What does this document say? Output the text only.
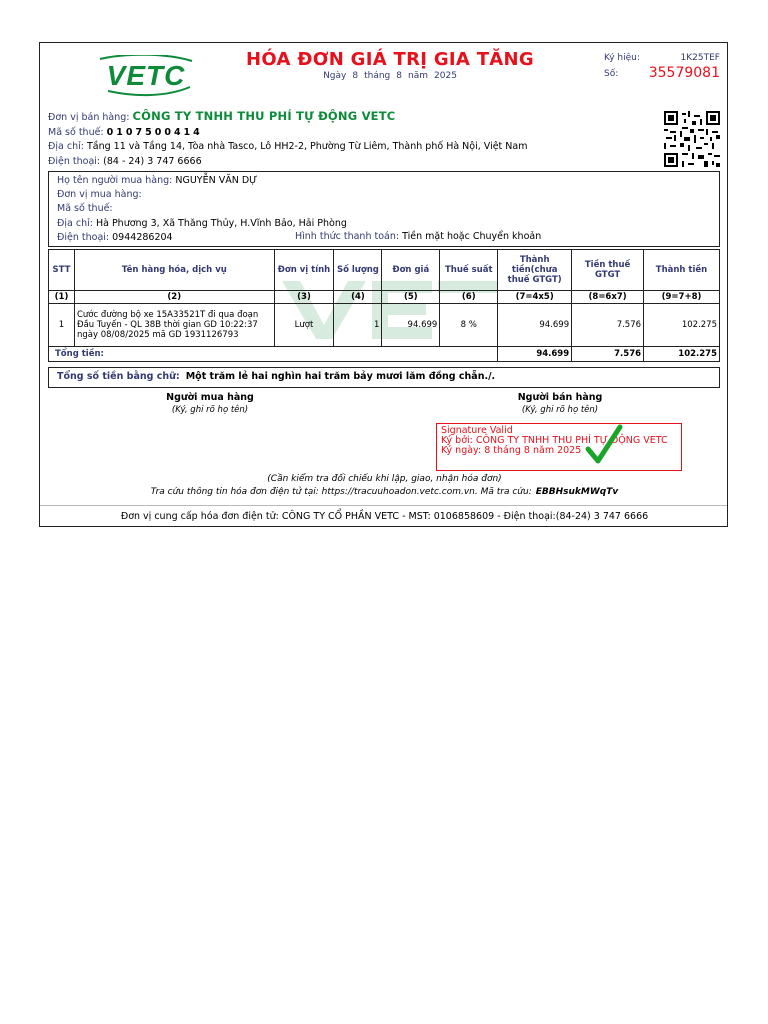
VETC
HÓA ĐƠN GIÁ TRỊ GIA TĂNG
Ngày 8 tháng 8 năm 2025
Ký hiệu:	1K25TEF
Số:	35579081
Đơn vị bán hàng: CÔNG TY TNHH THU PHÍ TỰ ĐỘNG VETC
Mã số thuế: 0107500414
Địa chỉ: Tầng 11 và Tầng 14, Tòa nhà Tasco, Lô HH2-2, Phường Từ Liêm, Thành phố Hà Nội, Việt Nam
Điện thoại: (84 - 24) 3 747 6666
Họ tên người mua hàng: NGUYỄN VĂN DỰ
Đơn vị mua hàng:
Mã số thuế:
Địa chỉ: Hà Phương 3, Xã Thăng Thủy, H.Vĩnh Bảo, Hải Phòng
Điện thoại: 0944286204	Hình thức thanh toán: Tiền mặt hoặc Chuyển khoản
STT	Tên hàng hóa, dịch vụ	Đơn vị tính	Số lượng	Đơn giá	Thuế suất	Thành tiền(chưa thuế GTGT)	Tiền thuế GTGT	Thành tiền
(1)	(2)	(3)	(4)	(5)	(6)	(7=4x5)	(8=6x7)	(9=7+8)
1	Cước đường bộ xe 15A33521T đi qua đoạn Đầu Tuyến - QL 38B thời gian GD 10:22:37 ngày 08/08/2025 mã GD 1931126793	Lượt	1	94.699	8 %	94.699	7.576	102.275
Tổng tiền:						94.699	7.576	102.275
Tổng số tiền bằng chữ: Một trăm lẻ hai nghìn hai trăm bảy mươi lăm đồng chẵn./.
Người mua hàng
(Ký, ghi rõ họ tên)
Người bán hàng
(Ký, ghi rõ họ tên)
Signature Valid
Ký bởi: CÔNG TY TNHH THU PHÍ TỰ ĐỘNG VETC
Ký ngày: 8 tháng 8 năm 2025
(Cần kiểm tra đối chiếu khi lập, giao, nhận hóa đơn)
Tra cứu thông tin hóa đơn điện tử tại: https://tracuuhoadon.vetc.com.vn. Mã tra cứu: EBBHsukMWqTv
Đơn vị cung cấp hóa đơn điện tử: CÔNG TY CỔ PHẦN VETC - MST: 0106858609 - Điện thoại:(84-24) 3 747 6666
